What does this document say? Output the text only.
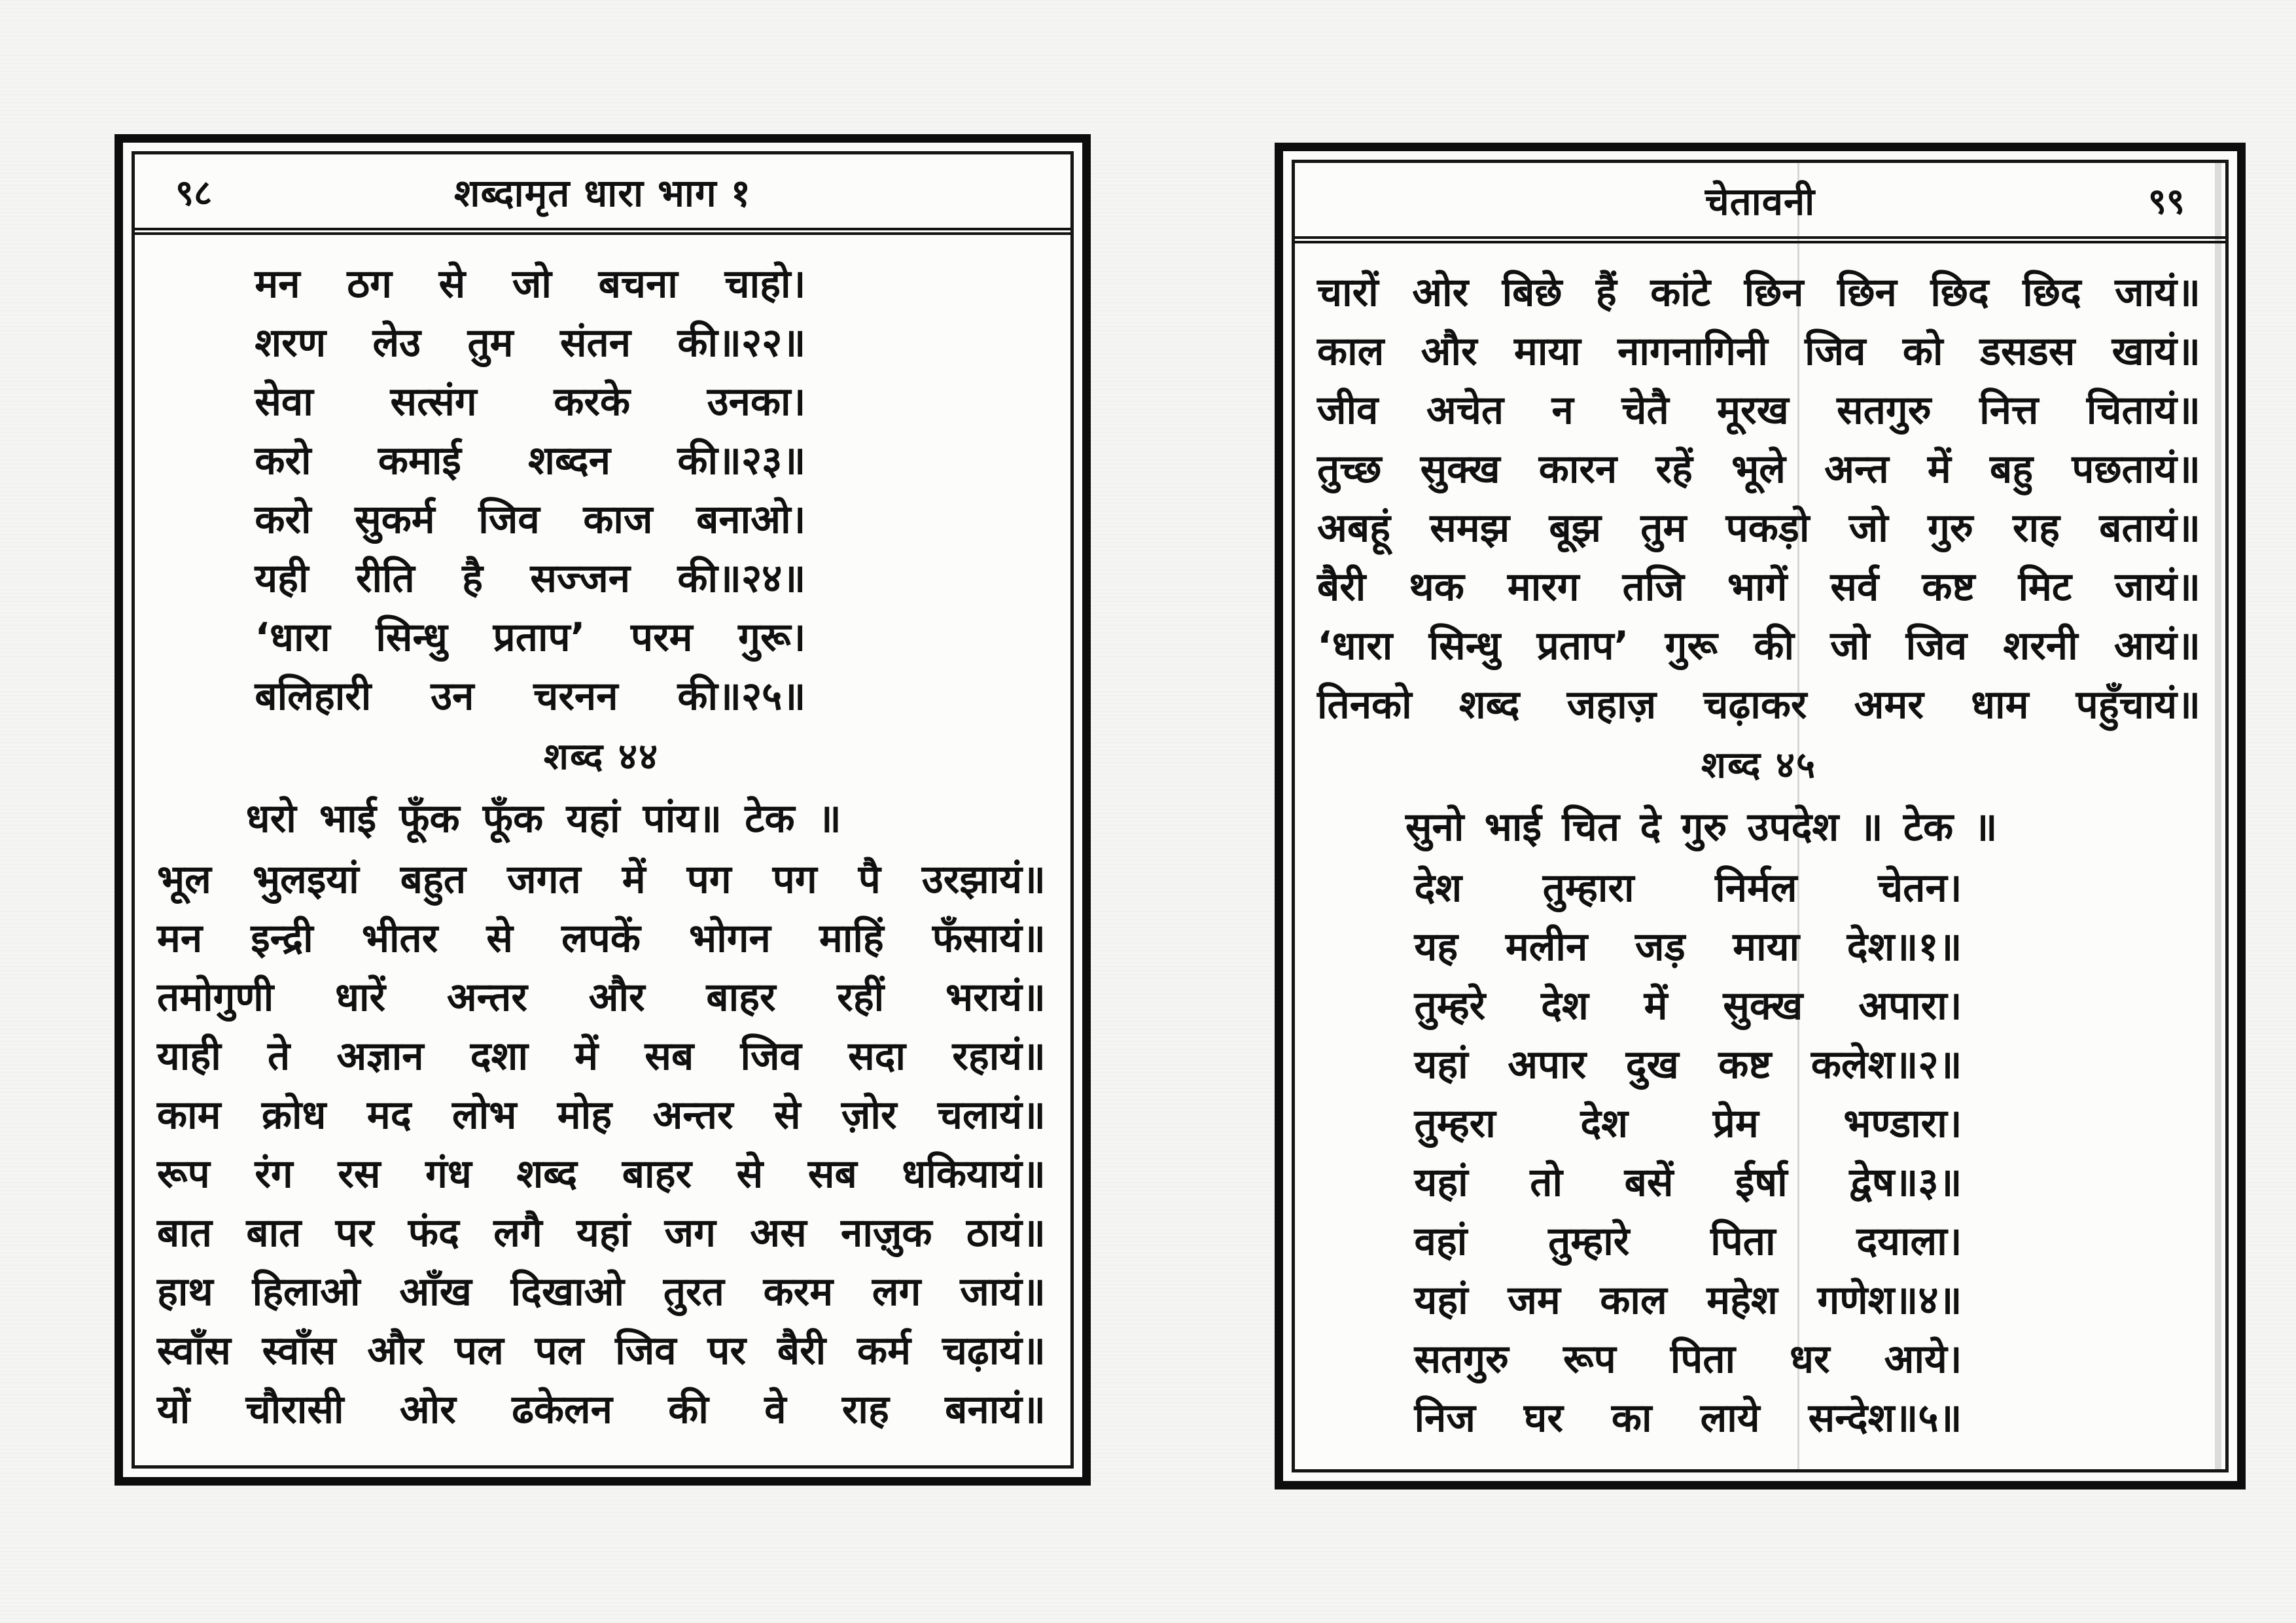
९८	शब्दामृत धारा भाग १
मन ठग से जो बचना चाहो।
शरण लेउ तुम संतन की॥२२॥
सेवा सत्संग करके उनका।
करो कमाई शब्दन की॥२३॥
करो सुकर्म जिव काज बनाओ।
यही रीति है सज्जन की॥२४॥
‘धारा सिन्धु प्रताप’ परम गुरू।
बलिहारी उन चरनन की॥२५॥
शब्द ४४
धरो भाई फूँक फूँक यहां पांय॥ टेक ॥
भूल भुलइयां बहुत जगत में पग पग पै उरझायं॥
मन इन्द्री भीतर से लपकें भोगन माहिं फँसायं॥
तमोगुणी धारें अन्तर और बाहर रहीं भरायं॥
याही ते अज्ञान दशा में सब जिव सदा रहायं॥
काम क्रोध मद लोभ मोह अन्तर से ज़ोर चलायं॥
रूप रंग रस गंध शब्द बाहर से सब धकियायं॥
बात बात पर फंद लगै यहां जग अस नाज़ुक ठायं॥
हाथ हिलाओ आँख दिखाओ तुरत करम लग जायं॥
स्वाँस स्वाँस और पल पल जिव पर बैरी कर्म चढ़ायं॥
यों चौरासी ओर ढकेलन की वे राह बनायं॥
चेतावनी	९९
चारों ओर बिछे हैं कांटे छिन छिन छिद छिद जायं॥
काल और माया नागनागिनी जिव को डसडस खायं॥
जीव अचेत न चेतै मूरख सतगुरु नित्त चितायं॥
तुच्छ सुक्ख कारन रहें भूले अन्त में बहु पछतायं॥
अबहूं समझ बूझ तुम पकड़ो जो गुरु राह बतायं॥
बैरी थक मारग तजि भागें सर्व कष्ट मिट जायं॥
‘धारा सिन्धु प्रताप’ गुरू की जो जिव शरनी आयं॥
तिनको शब्द जहाज़ चढ़ाकर अमर धाम पहुँचायं॥
शब्द ४५
सुनो भाई चित दे गुरु उपदेश ॥ टेक ॥
देश तुम्हारा निर्मल चेतन।
यह मलीन जड़ माया देश॥१॥
तुम्हरे देश में सुक्ख अपारा।
यहां अपार दुख कष्ट कलेश॥२॥
तुम्हरा देश प्रेम भण्डारा।
यहां तो बसें ईर्षा द्वेष॥३॥
वहां तुम्हारे पिता दयाला।
यहां जम काल महेश गणेश॥४॥
सतगुरु रूप पिता धर आये।
निज घर का लाये सन्देश॥५॥
